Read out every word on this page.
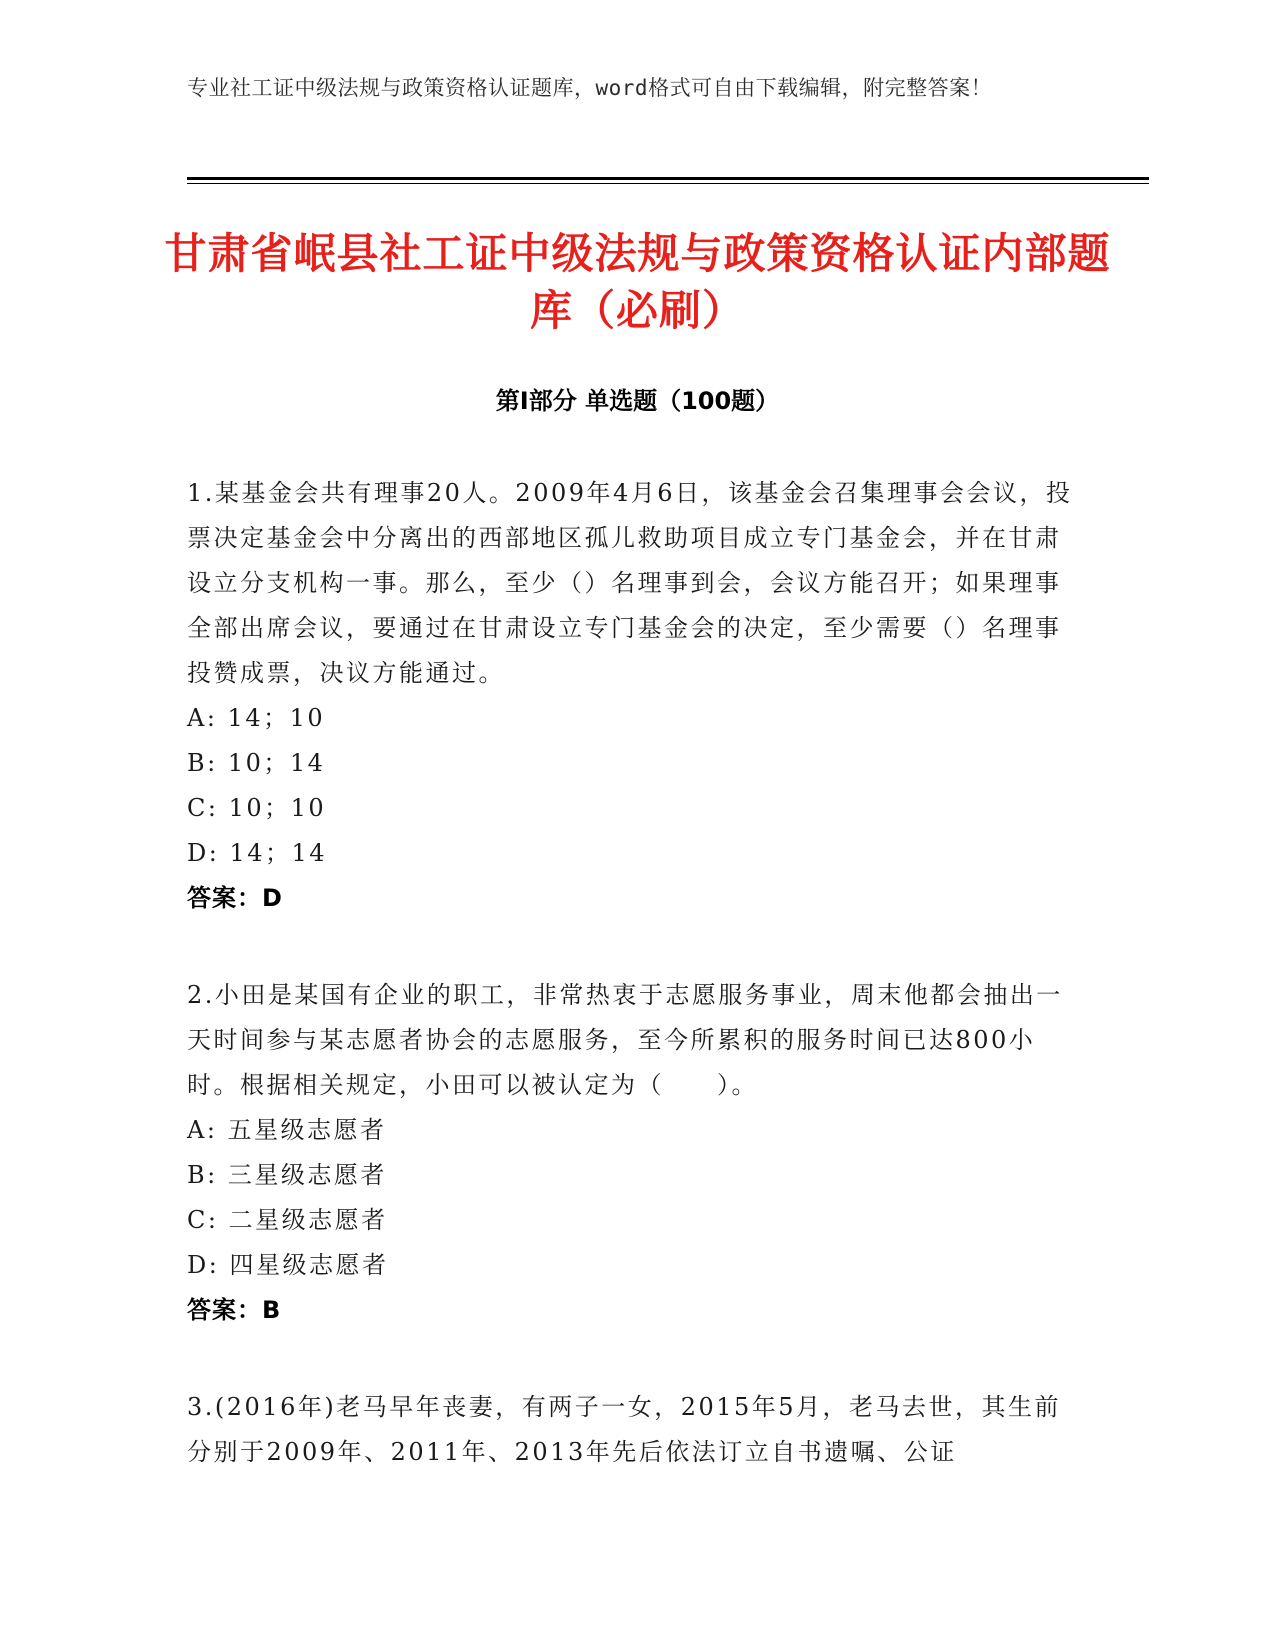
专业社工证中级法规与政策资格认证题库，word格式可自由下载编辑，附完整答案！
甘肃省岷县社工证中级法规与政策资格认证内部题库（必刷）
第I部分 单选题（100题）

1.某基金会共有理事20人。2009年4月6日，该基金会召集理事会会议，投票决定基金会中分离出的西部地区孤儿救助项目成立专门基金会，并在甘肃设立分支机构一事。那么，至少（）名理事到会，会议方能召开；如果理事全部出席会议，要通过在甘肃设立专门基金会的决定，至少需要（）名理事投赞成票，决议方能通过。

A: 14；10

B: 10；14

C: 10；10

D: 14；14

答案：D

2.小田是某国有企业的职工，非常热衷于志愿服务事业，周末他都会抽出一天时间参与某志愿者协会的志愿服务，至今所累积的服务时间已达800小时。根据相关规定，小田可以被认定为（　　）。

A: 五星级志愿者

B: 三星级志愿者

C: 二星级志愿者

D: 四星级志愿者

答案：B

3.(2016年)老马早年丧妻，有两子一女，2015年5月，老马去世，其生前分别于2009年、2011年、2013年先后依法订立自书遗嘱、公证
